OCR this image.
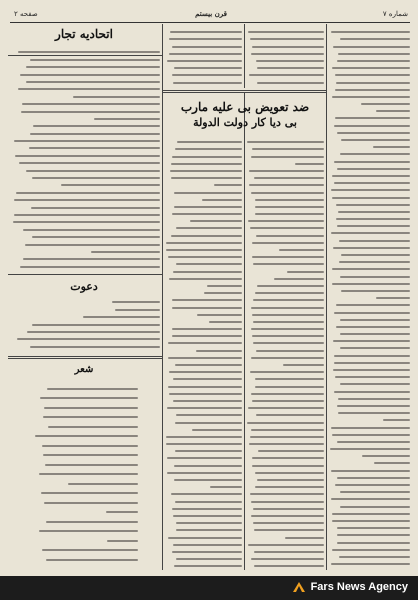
صفحه ۲	قرن بیستم	شماره ۷
اتحادیه تجار
ضد تعویض بی علیه مارب
بی دیا کار دولت الدولة
دعوت
شعر
Fars News Agency
